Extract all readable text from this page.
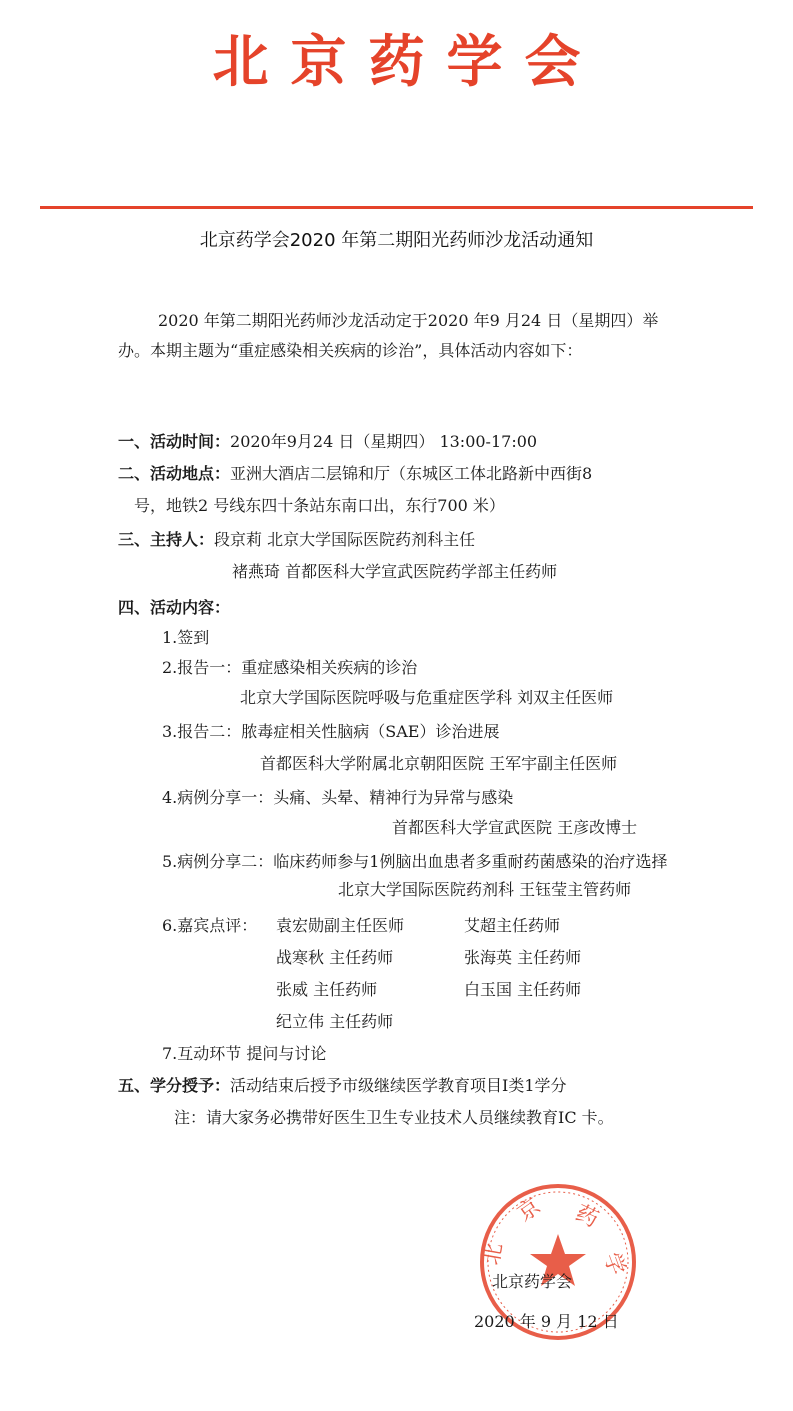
北京药学会
北京药学会2020 年第二期阳光药师沙龙活动通知
2020 年第二期阳光药师沙龙活动定于2020 年9 月24 日（星期四）举办。本期主题为“重症感染相关疾病的诊治”，具体活动内容如下：
一、活动时间：2020年9月24 日（星期四） 13:00-17:00
二、活动地点：亚洲大酒店二层锦和厅（东城区工体北路新中西街8
号，地铁2 号线东四十条站东南口出，东行700 米）
三、主持人：段京莉 北京大学国际医院药剂科主任
褚燕琦 首都医科大学宣武医院药学部主任药师
四、活动内容：
1.签到
2.报告一：重症感染相关疾病的诊治
北京大学国际医院呼吸与危重症医学科 刘双主任医师
3.报告二：脓毒症相关性脑病（SAE）诊治进展
首都医科大学附属北京朝阳医院 王军宇副主任医师
4.病例分享一：头痛、头晕、精神行为异常与感染
首都医科大学宣武医院 王彦改博士
5.病例分享二：临床药师参与1例脑出血患者多重耐药菌感染的治疗选择
北京大学国际医院药剂科 王钰莹主管药师
6.嘉宾点评： 袁宏勋副主任医师	艾超主任药师
战寒秋 主任药师	张海英 主任药师
张威 主任药师	白玉国 主任药师
纪立伟 主任药师
7.互动环节 提问与讨论
五、学分授予：活动结束后授予市级继续医学教育项目I类1学分
注：请大家务必携带好医生卫生专业技术人员继续教育IC 卡。
京 药
北	学
北京药学会
2020 年 9 月 12 日
